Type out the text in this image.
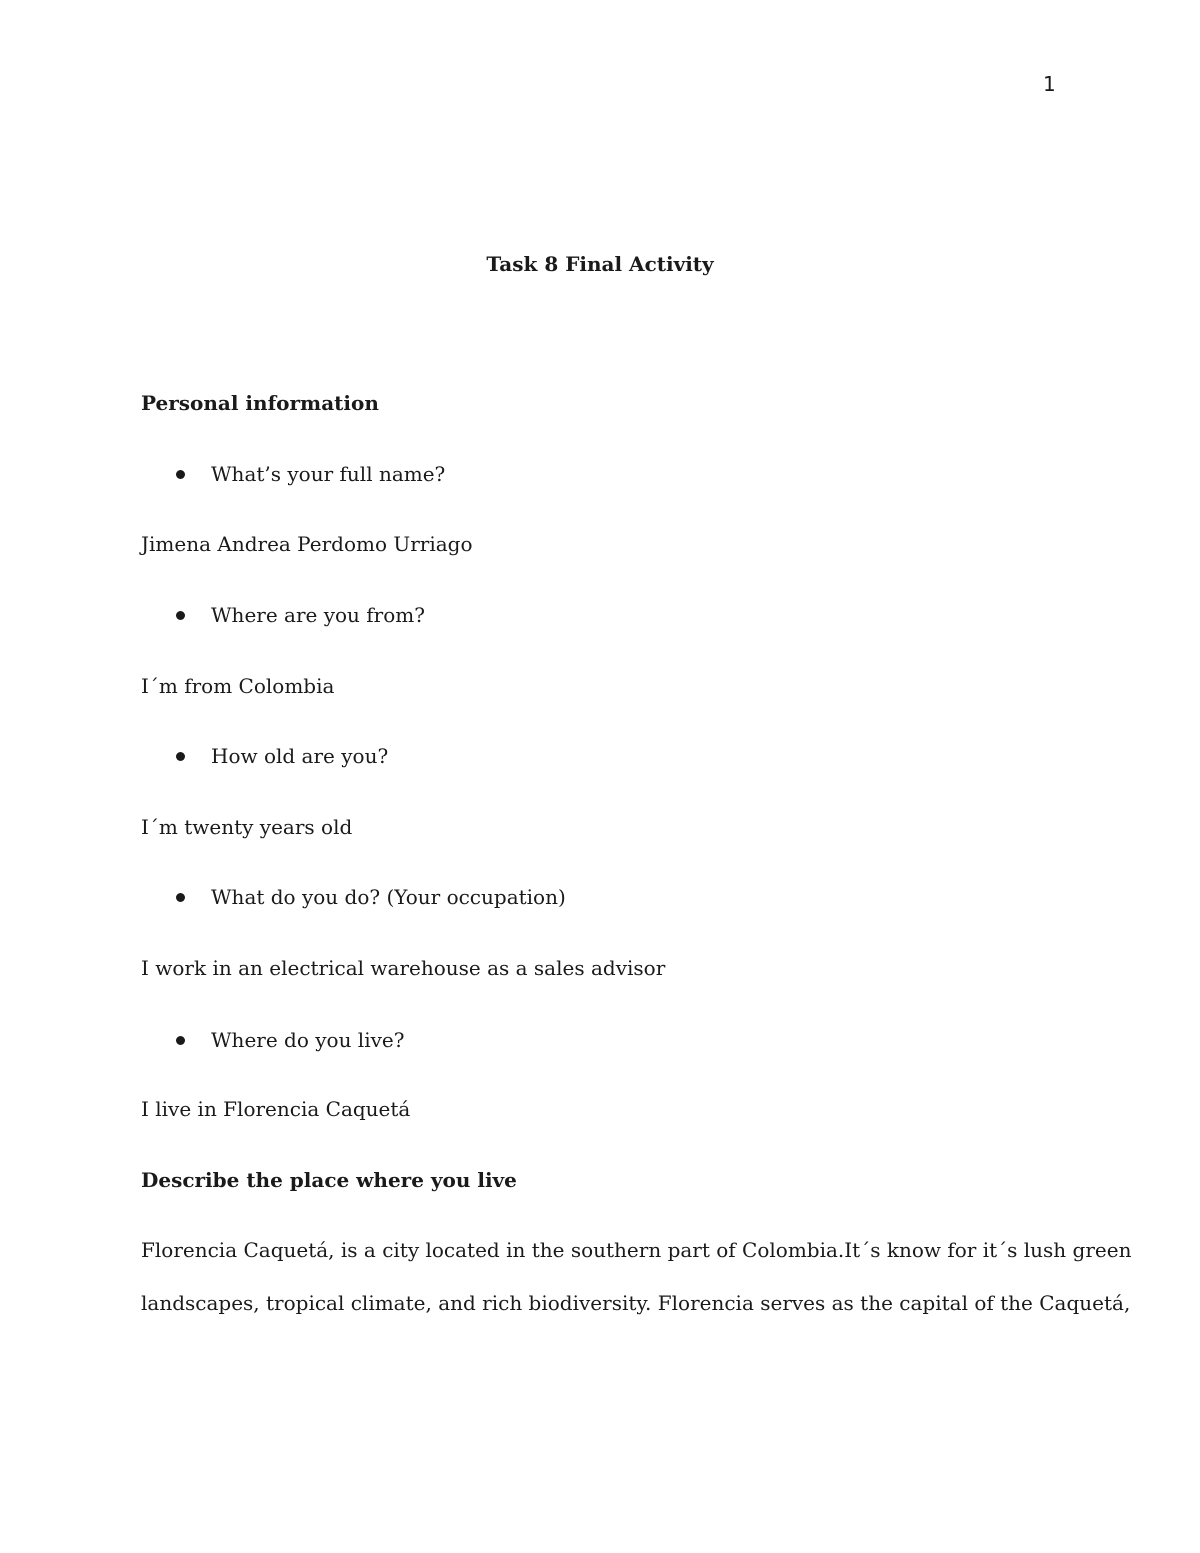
1
Task 8 Final Activity
Personal information
What’s your full name?
Jimena Andrea Perdomo Urriago
Where are you from?
I´m from Colombia
How old are you?
I´m twenty years old
What do you do? (Your occupation)
I work in an electrical warehouse as a sales advisor
Where do you live?
I live in Florencia Caquetá
Describe the place where you live
Florencia Caquetá, is a city located in the southern part of Colombia.It´s know for it´s lush green
landscapes, tropical climate, and rich biodiversity. Florencia serves as the capital of the Caquetá,
